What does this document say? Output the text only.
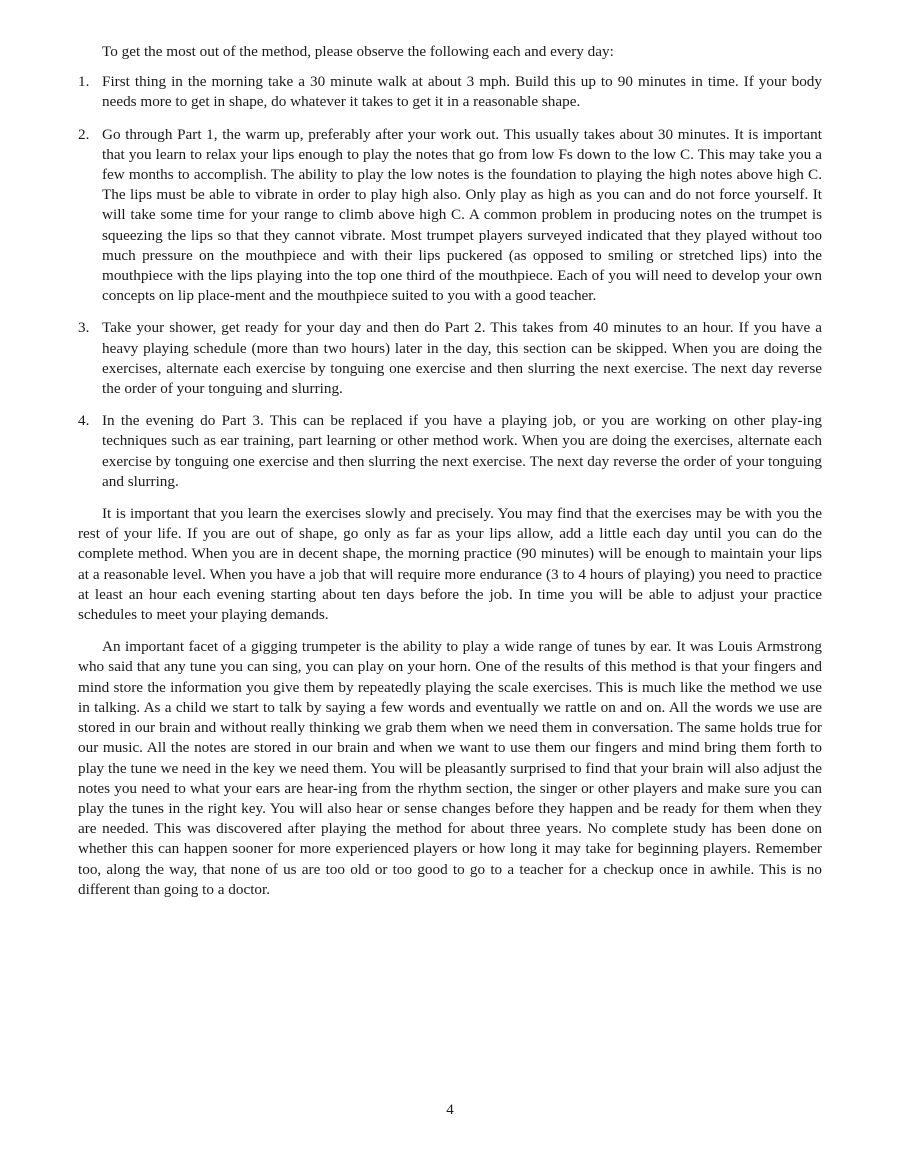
To get the most out of the method, please observe the following each and every day:

1. First thing in the morning take a 30 minute walk at about 3 mph. Build this up to 90 minutes in time. If your body needs more to get in shape, do whatever it takes to get it in a reasonable shape.
2. Go through Part 1, the warm up, preferably after your work out. This usually takes about 30 minutes. It is important that you learn to relax your lips enough to play the notes that go from low Fs down to the low C. This may take you a few months to accomplish. The ability to play the low notes is the foundation to playing the high notes above high C. The lips must be able to vibrate in order to play high also. Only play as high as you can and do not force yourself. It will take some time for your range to climb above high C. A common problem in producing notes on the trumpet is squeezing the lips so that they cannot vibrate. Most trumpet players surveyed indicated that they played without too much pressure on the mouthpiece and with their lips puckered (as opposed to smiling or stretched lips) into the mouthpiece with the lips playing into the top one third of the mouthpiece. Each of you will need to develop your own concepts on lip place-ment and the mouthpiece suited to you with a good teacher.
3. Take your shower, get ready for your day and then do Part 2. This takes from 40 minutes to an hour. If you have a heavy playing schedule (more than two hours) later in the day, this section can be skipped. When you are doing the exercises, alternate each exercise by tonguing one exercise and then slurring the next exercise. The next day reverse the order of your tonguing and slurring.
4. In the evening do Part 3. This can be replaced if you have a playing job, or you are working on other play-ing techniques such as ear training, part learning or other method work. When you are doing the exercises, alternate each exercise by tonguing one exercise and then slurring the next exercise. The next day reverse the order of your tonguing and slurring.

It is important that you learn the exercises slowly and precisely. You may find that the exercises may be with you the rest of your life. If you are out of shape, go only as far as your lips allow, add a little each day until you can do the complete method. When you are in decent shape, the morning practice (90 minutes) will be enough to maintain your lips at a reasonable level. When you have a job that will require more endurance (3 to 4 hours of playing) you need to practice at least an hour each evening starting about ten days before the job. In time you will be able to adjust your practice schedules to meet your playing demands.

An important facet of a gigging trumpeter is the ability to play a wide range of tunes by ear. It was Louis Armstrong who said that any tune you can sing, you can play on your horn. One of the results of this method is that your fingers and mind store the information you give them by repeatedly playing the scale exercises. This is much like the method we use in talking. As a child we start to talk by saying a few words and eventually we rattle on and on. All the words we use are stored in our brain and without really thinking we grab them when we need them in conversation. The same holds true for our music. All the notes are stored in our brain and when we want to use them our fingers and mind bring them forth to play the tune we need in the key we need them. You will be pleasantly surprised to find that your brain will also adjust the notes you need to what your ears are hear-ing from the rhythm section, the singer or other players and make sure you can play the tunes in the right key. You will also hear or sense changes before they happen and be ready for them when they are needed. This was discovered after playing the method for about three years. No complete study has been done on whether this can happen sooner for more experienced players or how long it may take for beginning players. Remember too, along the way, that none of us are too old or too good to go to a teacher for a checkup once in awhile. This is no different than going to a doctor.

4
